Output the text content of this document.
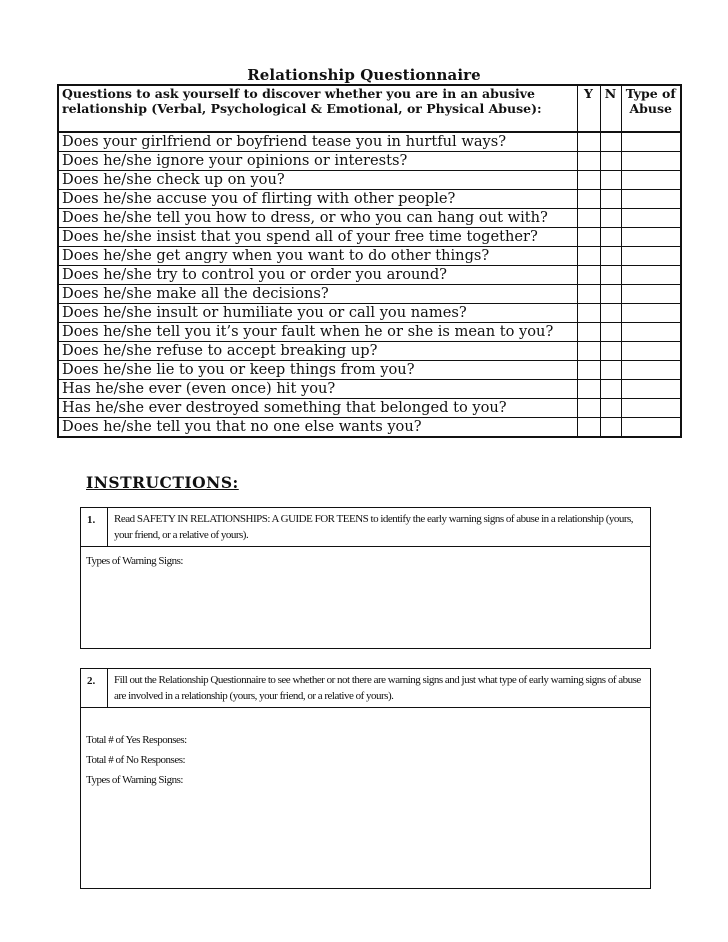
Relationship Questionnaire
Questions to ask yourself to discover whether you are in an abusive relationship (Verbal, Psychological & Emotional, or Physical Abuse):	Y	N	Type of Abuse
Does your girlfriend or boyfriend tease you in hurtful ways?			
Does he/she ignore your opinions or interests?			
Does he/she check up on you?			
Does he/she accuse you of flirting with other people?			
Does he/she tell you how to dress, or who you can hang out with?			
Does he/she insist that you spend all of your free time together?			
Does he/she get angry when you want to do other things?			
Does he/she try to control you or order you around?			
Does he/she make all the decisions?			
Does he/she insult or humiliate you or call you names?			
Does he/she tell you it’s your fault when he or she is mean to you?			
Does he/she refuse to accept breaking up?			
Does he/she lie to you or keep things from you?			
Has he/she ever (even once) hit you?			
Has he/she ever destroyed something that belonged to you?			
Does he/she tell you that no one else wants you?			
INSTRUCTIONS:
1.	Read SAFETY IN RELATIONSHIPS: A GUIDE FOR TEENS to identify the early warning signs of abuse in a relationship (yours, your friend, or a relative of yours).
Types of Warning Signs:
2.	Fill out the Relationship Questionnaire to see whether or not there are warning signs and just what type of early warning signs of abuse are involved in a relationship (yours, your friend, or a relative of yours).
Total # of Yes Responses:
Total # of No Responses:
Types of Warning Signs:
